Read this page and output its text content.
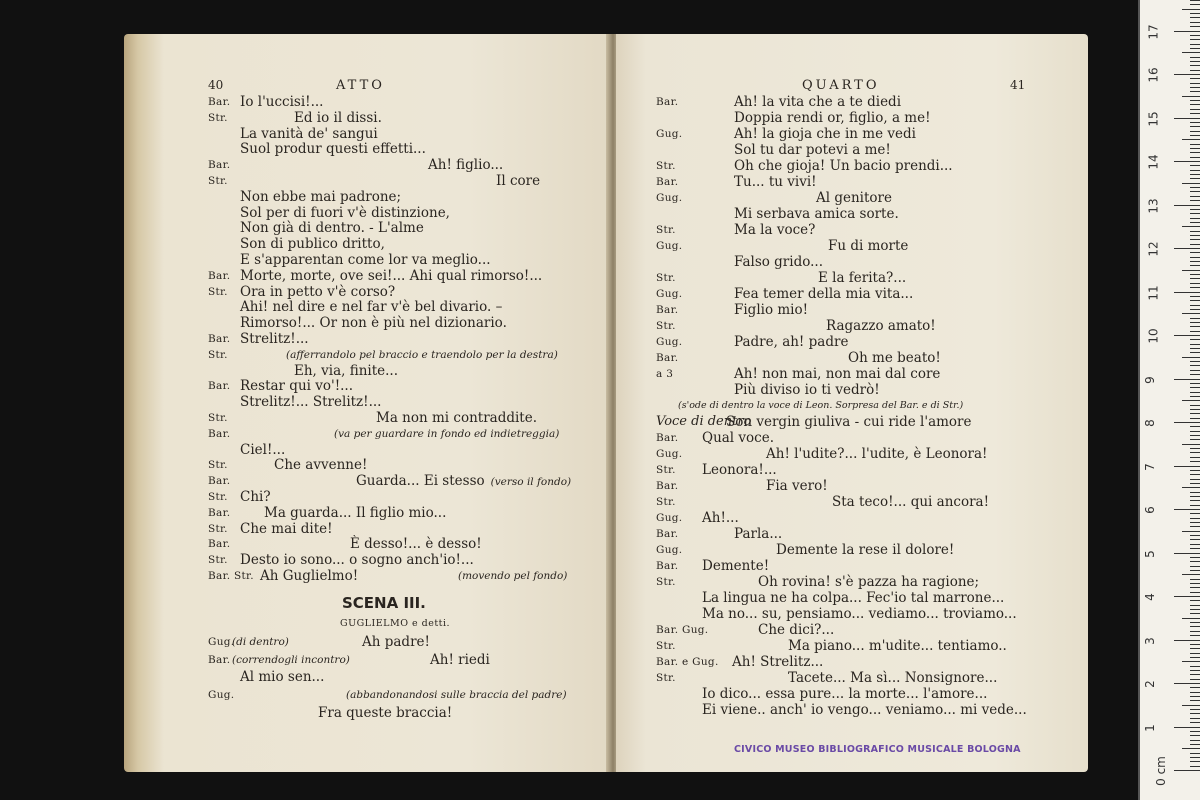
40	ATTO
Bar. Io l'uccisi!...
Str.	Ed io il dissi.
La vanità de' sangui
Suol produr questi effetti...
Bar.	Ah! figlio...
Str.	Il core
Non ebbe mai padrone;
Sol per di fuori v'è distinzione,
Non già di dentro. - L'alme
Son di publico dritto,
E s'apparentan come lor va meglio...
Bar. Morte, morte, ove sei!... Ahi qual rimorso!...
Str. Ora in petto v'è corso?
Ahi! nel dire e nel far v'è bel divario. –
Rimorso!... Or non è più nel dizionario.
Bar. Strelitz!...
Str.	(afferrandolo pel braccio e traendolo per la destra)
Eh, via, finite...
Bar. Restar qui vo'!...
Strelitz!... Strelitz!...
Str.	Ma non mi contraddite.
Bar.	(va per guardare in fondo ed indietreggia)
Ciel!...
Str.	Che avvenne!
Bar.	Guarda... Ei stesso (verso il fondo)
Str. Chi?
Bar. Ma guarda... Il figlio mio...
Str. Che mai dite!
Bar.	È desso!... è desso!
Str. Desto io sono... o sogno anch'io!...
Bar. Str. Ah Guglielmo!	(movendo pel fondo)
SCENA III.
GUGLIELMO e detti.
Gug.
(di dentro)	Ah padre!
Bar. (correndogli incontro)	Ah! riedi
Al mio sen...
Gug.	(abbandonandosi sulle braccia del padre)
Fra queste braccia!
QUARTO	41
Bar.	Ah! la vita che a te diedi
Doppia rendi or, figlio, a me!
Gug.	Ah! la gioja che in me vedi
Sol tu dar potevi a me!
Str.	Oh che gioja! Un bacio prendi...
Bar.	Tu... tu vivi!
Gug.	Al genitore
Mi serbava amica sorte.
Str.	Ma la voce?
Gug.	Fu di morte
Falso grido...
Str.	E la ferita?...
Gug.	Fea temer della mia vita...
Bar.	Figlio mio!
Str.	Ragazzo amato!
Gug.	Padre, ah! padre
Bar.	Oh me beato!
a 3	Ah! non mai, non mai dal core
Più diviso io ti vedrò!
(s'ode di dentro la voce di Leon. Sorpresa del Bar. e di Str.)
Voce di dentro
Son vergin giuliva - cui ride l'amore
Bar. Qual voce.
Gug.	Ah! l'udite?... l'udite, è Leonora!
Str. Leonora!...
Bar.	Fia vero!
Str.	Sta teco!... qui ancora!
Gug. Ah!...
Bar.	Parla...
Gug.	Demente la rese il dolore!
Bar. Demente!
Str.	Oh rovina! s'è pazza ha ragione;
La lingua ne ha colpa... Fec'io tal marrone...
Ma no... su, pensiamo... vediamo... troviamo...
Bar. Gug.	Che dici?...
Str.	Ma piano... m'udite... tentiamo..
Bar. e Gug. Ah! Strelitz...
Str.	Tacete... Ma sì... Nonsignore...
Io dico... essa pure... la morte... l'amore...
Ei viene.. anch' io vengo... veniamo... mi vede...
CIVICO MUSEO BIBLIOGRAFICO MUSICALE BOLOGNA
0 cm
1
2
3
4
5
6
7
8
9
10
11
12
13
14
15
16
17
